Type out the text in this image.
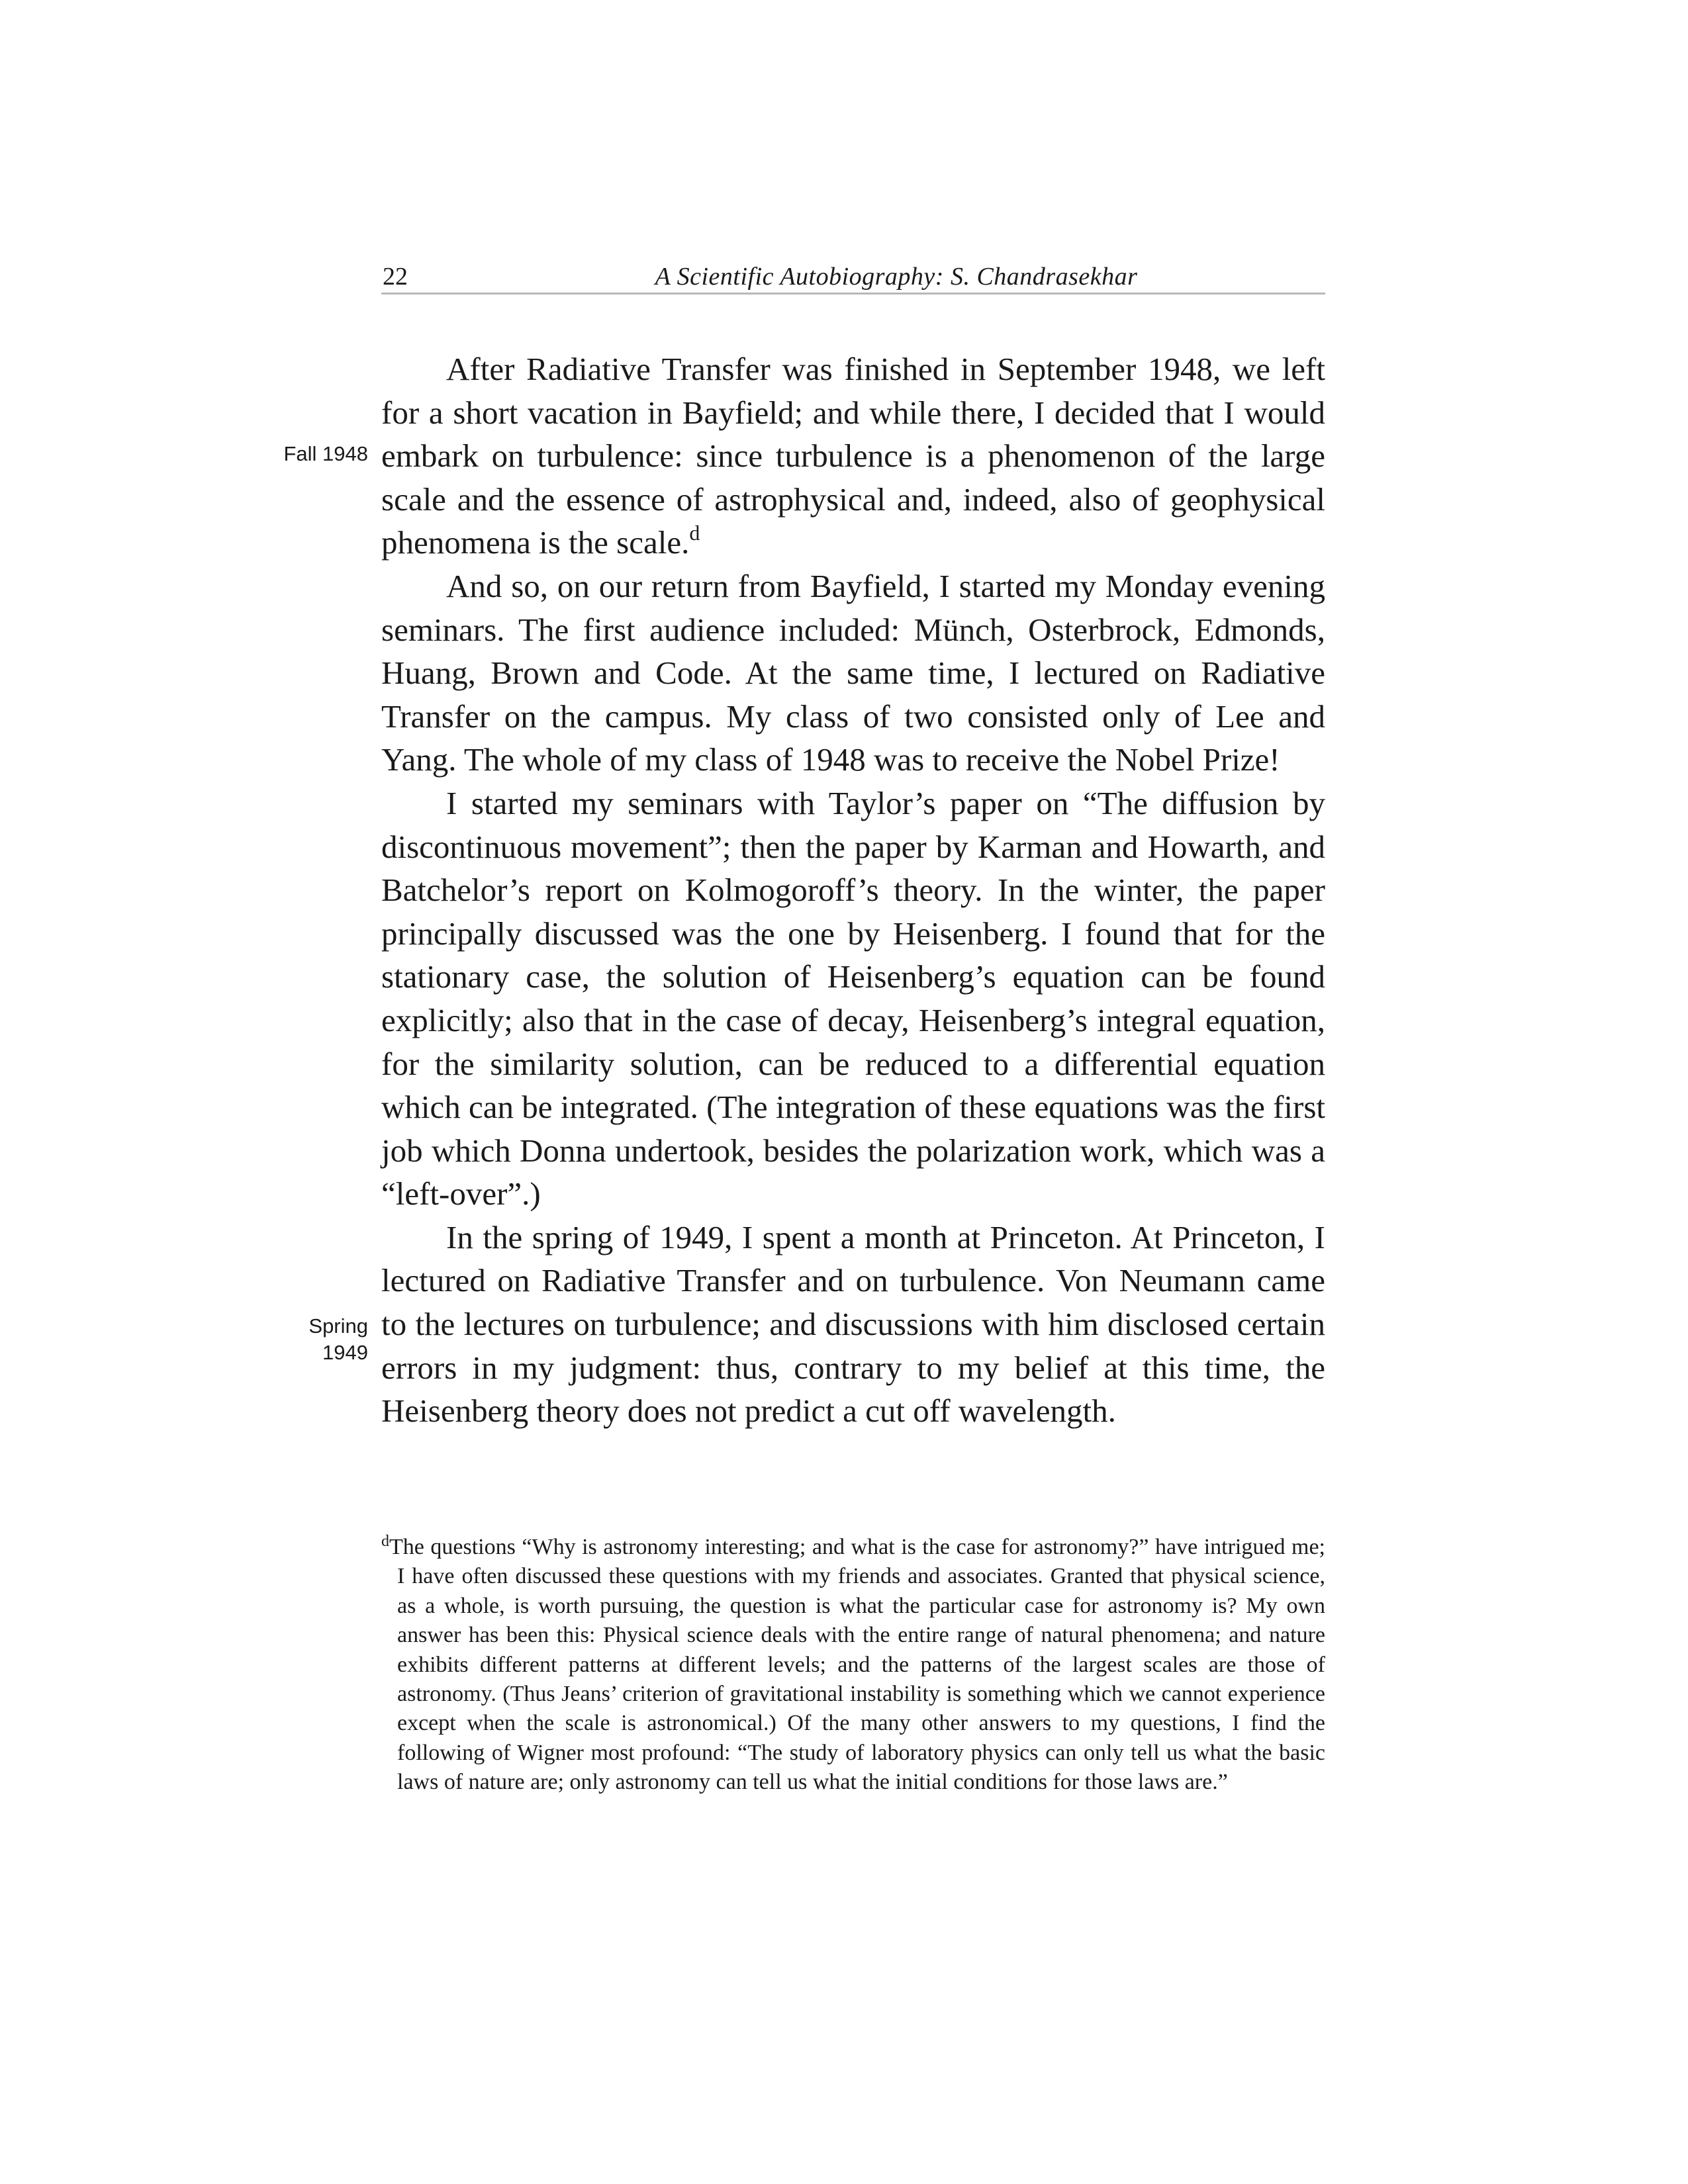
22	A Scientific Autobiography: S. Chandrasekhar
Fall 1948
Spring
1949

After Radiative Transfer was finished in September 1948, we left for a short vacation in Bayfield; and while there, I decided that I would embark on turbulence: since turbulence is a phenomenon of the large scale and the essence of astrophysical and, indeed, also of geophysical phenomena is the scale.$^d$

And so, on our return from Bayfield, I started my Monday evening seminars. The first audience included: Münch, Osterbrock, Edmonds, Huang, Brown and Code. At the same time, I lectured on Radiative Transfer on the campus. My class of two consisted only of Lee and Yang. The whole of my class of 1948 was to receive the Nobel Prize!

I started my seminars with Taylor’s paper on “The diffusion by discontinuous movement”; then the paper by Karman and Howarth, and Batchelor’s report on Kolmogoroff’s theory. In the winter, the paper principally discussed was the one by Heisenberg. I found that for the stationary case, the solution of Heisenberg’s equation can be found explicitly; also that in the case of decay, Heisenberg’s integral equation, for the similarity solution, can be reduced to a differential equation which can be integrated. (The integration of these equations was the first job which Donna undertook, besides the polarization work, which was a “left-over”.)

In the spring of 1949, I spent a month at Princeton. At Princeton, I lectured on Radiative Transfer and on turbulence. Von Neumann came to the lectures on turbulence; and discussions with him disclosed certain errors in my judgment: thus, contrary to my belief at this time, the Heisenberg theory does not predict a cut off wavelength.

$^d$The questions “Why is astronomy interesting; and what is the case for astronomy?” have intrigued me; I have often discussed these questions with my friends and associates. Granted that physical science, as a whole, is worth pursuing, the question is what the particular case for astronomy is? My own answer has been this: Physical science deals with the entire range of natural phenomena; and nature exhibits different patterns at different levels; and the patterns of the largest scales are those of astronomy. (Thus Jeans’ criterion of gravitational instability is something which we cannot experience except when the scale is astronomical.) Of the many other answers to my questions, I find the following of Wigner most profound: “The study of laboratory physics can only tell us what the basic laws of nature are; only astronomy can tell us what the initial conditions for those laws are.”
